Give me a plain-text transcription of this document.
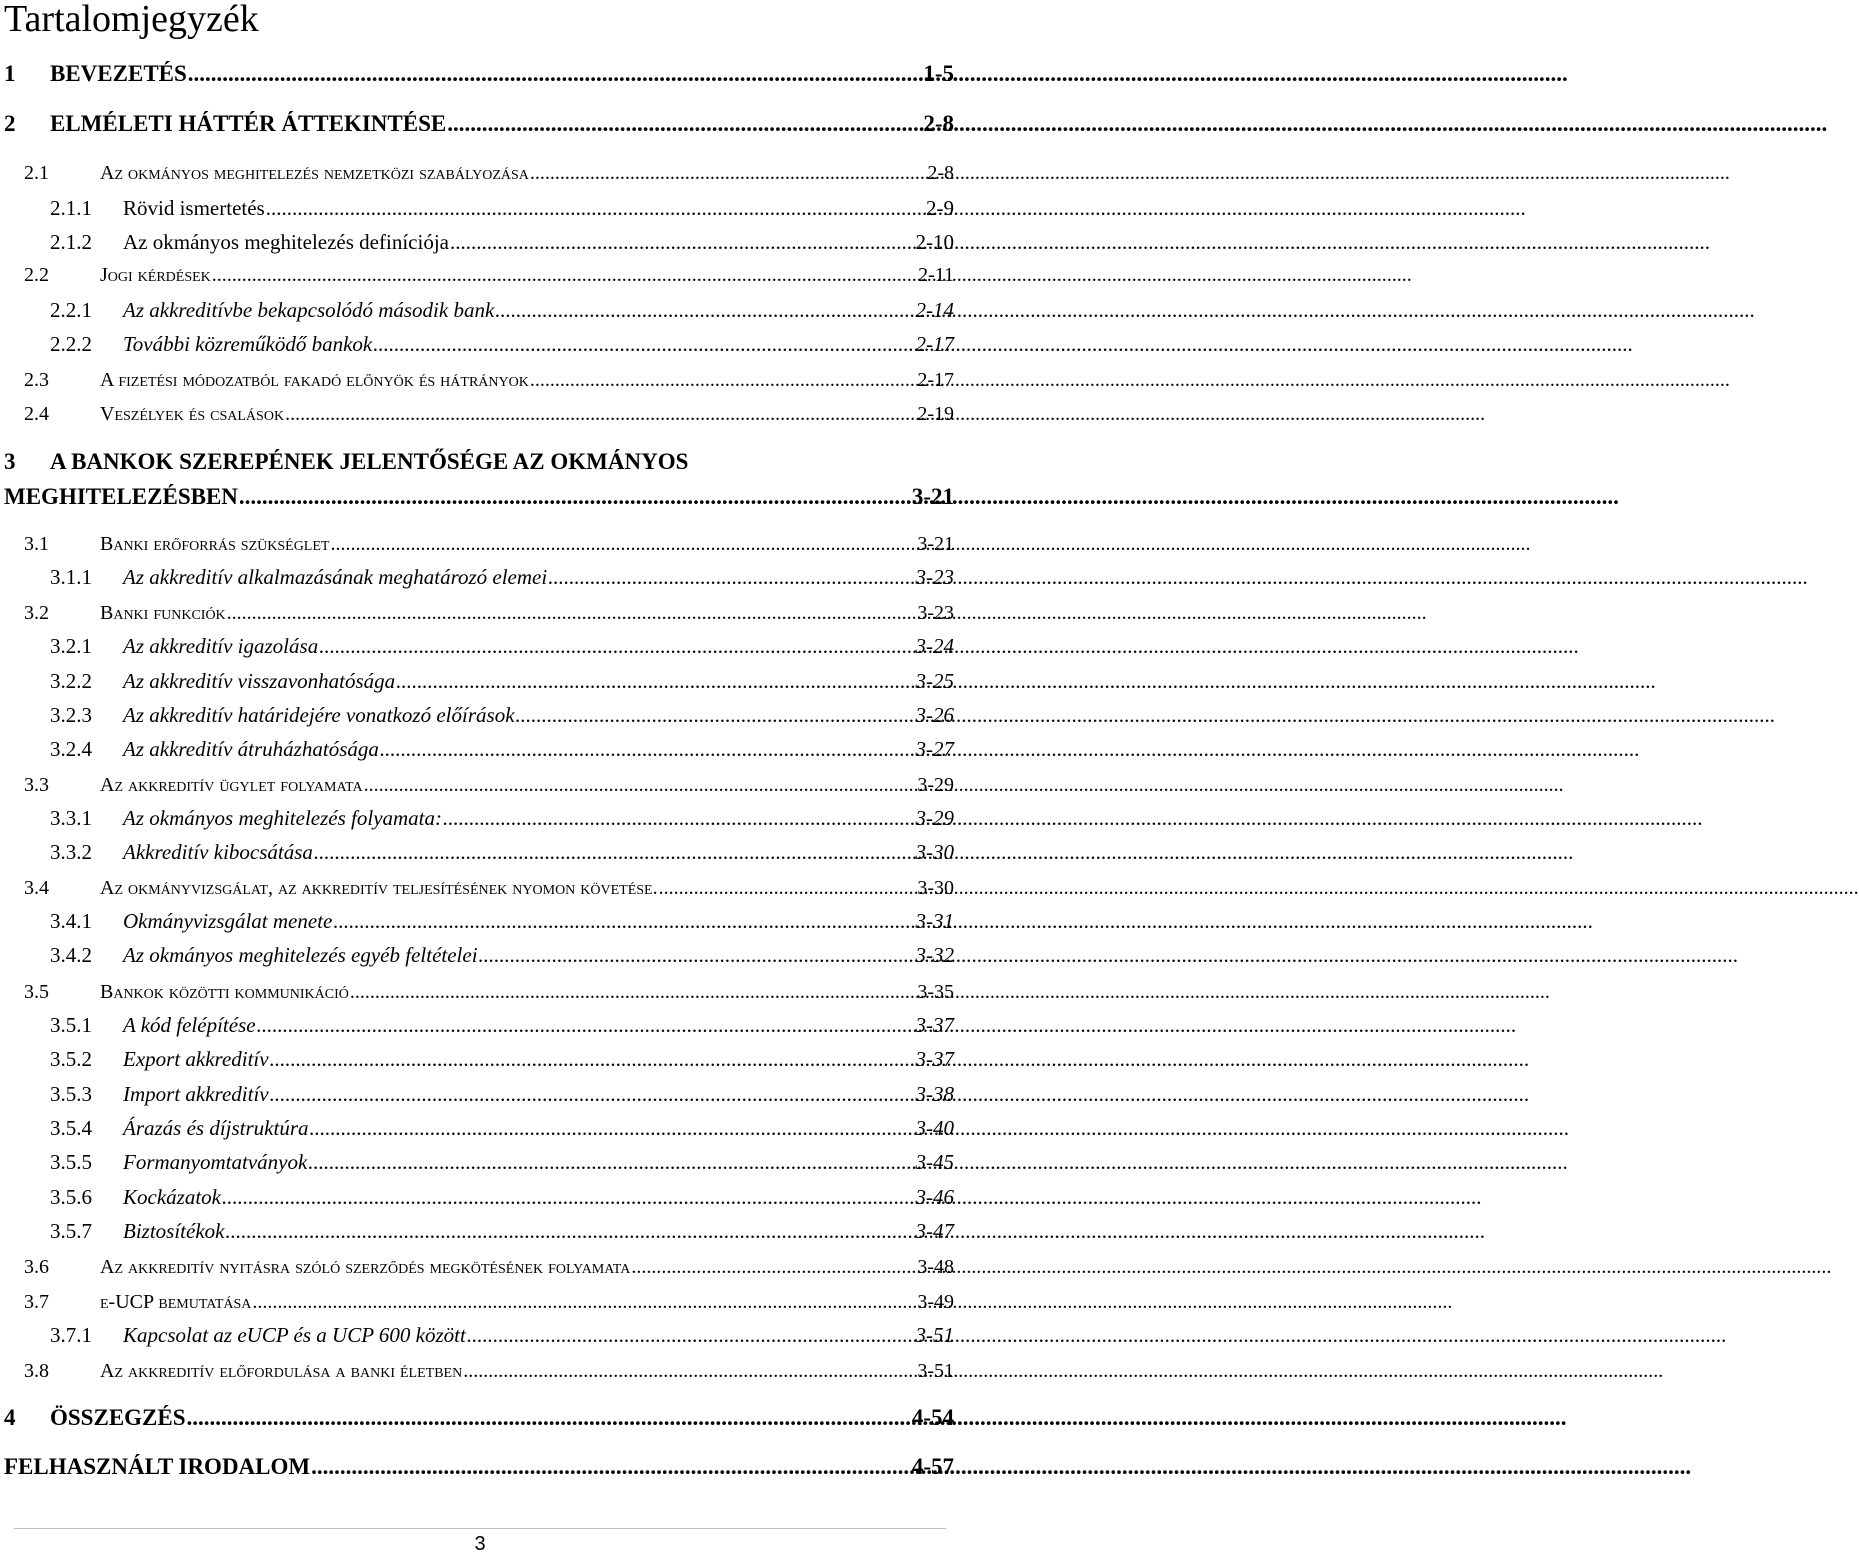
Tartalomjegyzék
1	BEVEZETÉS .....	1-5
2	ELMÉLETI HÁTTÉR ÁTTEKINTÉSE .....	2-8
2.1	Az okmányos meghitelezés nemzetközi szabályozása .....	2-8
2.1.1	Rövid ismertetés .....	2-9
2.1.2	Az okmányos meghitelezés definíciója .....	2-10
2.2	Jogi kérdések .....	2-11
2.2.1	Az akkreditívbe bekapcsolódó második bank .....	2-14
2.2.2	További közreműködő bankok .....	2-17
2.3	A fizetési módozatból fakadó előnyök és hátrányok .....	2-17
2.4	Veszélyek és csalások .....	2-19
3 A BANKOK SZEREPÉNEK JELENTŐSÉGE AZ OKMÁNYOS
MEGHITELEZÉSBEN .....	3-21
3.1	Banki erőforrás szükséglet .....	3-21
3.1.1	Az akkreditív alkalmazásának meghatározó elemei .....	3-23
3.2	Banki funkciók .....	3-23
3.2.1	Az akkreditív igazolása .....	3-24
3.2.2	Az akkreditív visszavonhatósága .....	3-25
3.2.3	Az akkreditív határidejére vonatkozó előírások .....	3-26
3.2.4	Az akkreditív átruházhatósága .....	3-27
3.3	Az akkreditív ügylet folyamata .....	3-29
3.3.1	Az okmányos meghitelezés folyamata: .....	3-29
3.3.2	Akkreditív kibocsátása .....	3-30
3.4	Az okmányvizsgálat, az akkreditív teljesítésének nyomon követése. .....	3-30
3.4.1	Okmányvizsgálat menete .....	3-31
3.4.2	Az okmányos meghitelezés egyéb feltételei .....	3-32
3.5	Bankok közötti kommunikáció .....	3-35
3.5.1	A kód felépítése .....	3-37
3.5.2	Export akkreditív .....	3-37
3.5.3	Import akkreditív .....	3-38
3.5.4	Árazás és díjstruktúra .....	3-40
3.5.5	Formanyomtatványok .....	3-45
3.5.6	Kockázatok .....	3-46
3.5.7	Biztosítékok .....	3-47
3.6	Az akkreditív nyitásra szóló szerződés megkötésének folyamata .....	3-48
3.7	e-UCP bemutatása .....	3-49
3.7.1	Kapcsolat az eUCP és a UCP 600 között .....	3-51
3.8	Az akkreditív előfordulása a banki életben .....	3-51
4	ÖSSZEGZÉS .....	4-54
FELHASZNÁLT IRODALOM .....	4-57
3
